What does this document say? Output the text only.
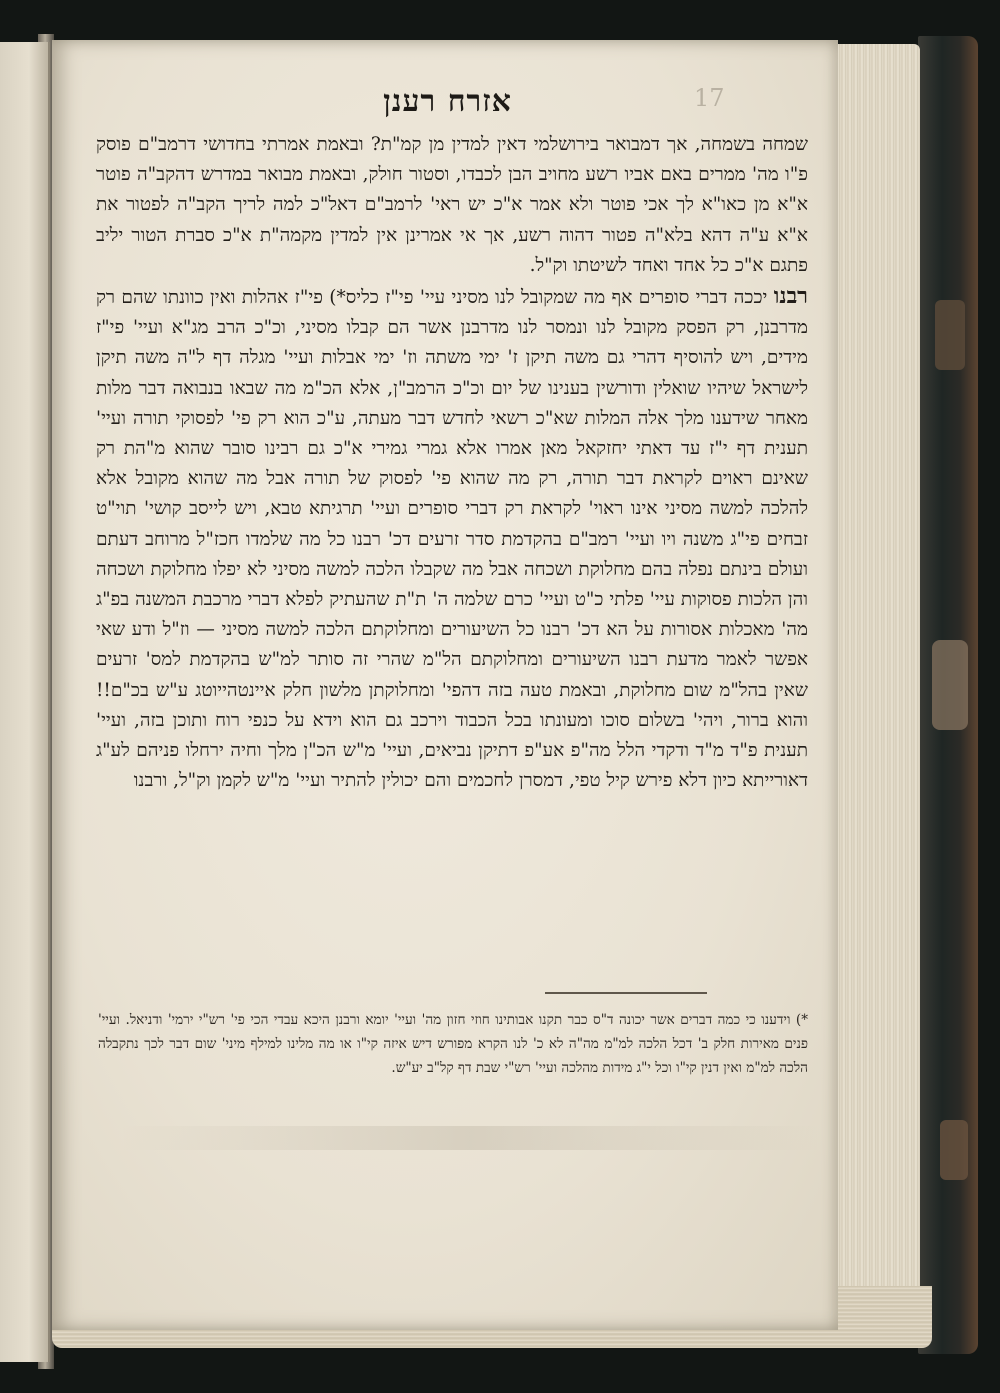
17
אזרח רענן

שמחה בשמחה, אך דמבואר בירושלמי דאין למדין מן קמ"ת? ובאמת אמרתי בחדושי דרמב"ם פוסק פ"ו מה' ממרים באם אביו רשע מחויב הבן לכבדו, וסטור חולק, ובאמת מבואר במדרש דהקב"ה פוטר א"א מן כאו"א לך אכי פוטר ולא אמר א"כ יש ראי' לרמב"ם דאל"כ למה לריך הקב"ה לפטור את א"א ע"ה דהא בלא"ה פטור דהוה רשע, אך אי אמרינן אין למדין מקמה"ת א"כ סברת הטור יליב פתגם א"כ כל אחד ואחד לשיטתו וק"ל.

רבנו יככה דברי סופרים אף מה שמקובל לנו מסיני עיי' פי"ז כליס*) פי"ז אהלות ואין כוונתו שהם רק מדרבנן, רק הפסק מקובל לנו ונמסר לנו מדרבנן אשר הם קבלו מסיני, וכ"כ הרב מג"א ועיי' פי"ז מידים, ויש להוסיף דהרי גם משה תיקן ז' ימי משתה וז' ימי אבלות ועיי' מגלה דף ל"ה משה תיקן לישראל שיהיו שואלין ודורשין בענינו של יום וכ"כ הרמב"ן, אלא הכ"מ מה שבאו בנבואה דבר מלות מאחר שידענו מלך אלה המלות שא"כ רשאי לחדש דבר מעתה, ע"כ הוא רק פי' לפסוקי תורה ועיי' תענית דף י"ז עד דאתי יחזקאל מאן אמרו אלא גמרי גמירי א"כ גם רבינו סובר שהוא מ"הת רק שאינם ראוים לקראת דבר תורה, רק מה שהוא פי' לפסוק של תורה אבל מה שהוא מקובל אלא להלכה למשה מסיני אינו ראוי' לקראת רק דברי סופרים ועיי' תרגיתא טבא, ויש לייסב קושי' תוי"ט זבחים פי"ג משנה ויו ועיי' רמב"ם בהקדמת סדר זרעים דכ' רבנו כל מה שלמדו חכז"ל מרוחב דעתם ועולם בינתם נפלה בהם מחלוקת ושכחה אבל מה שקבלו הלכה למשה מסיני לא יפלו מחלוקת ושכחה והן הלכות פסוקות עיי' פלתי כ"ט ועיי' כרם שלמה ה' ת"ת שהעתיק לפלא דברי מרכבת המשנה בפ"ג מה' מאכלות אסורות על הא דכ' רבנו כל השיעורים ומחלוקתם הלכה למשה מסיני — וז"ל ודע שאי אפשר לאמר מדעת רבנו השיעורים ומחלוקתם הל"מ שהרי זה סותר למ"ש בהקדמת למס' זרעים שאין בהל"מ שום מחלוקת, ובאמת טעה בזה דהפי' ומחלוקתן מלשון חלק איינטהייוטג ע"ש בכ"ם!! והוא ברור, ויהי' בשלום סוכו ומעונתו בכל הכבוד וירכב גם הוא וידא על כנפי רוח ותוכן בזה, ועיי' תענית פ"ד מ"ד ודקדי הלל מה"פ אע"פ דתיקן נביאים, ועיי' מ"ש הכ"ן מלך וחיה ירחלו פניהם לע"ג דאורייתא כיון דלא פירש קיל טפי, דמסרן לחכמים והם יכולין להתיר ועיי' מ"ש לקמן וק"ל, ורבנו

*) וידענו כי כמה דברים אשר יכונה ד"ס כבר תקנו אבותינו חוזי חזון מה' ועיי' יומא ורבנן היכא עבדי הכי פי' רש"י ירמי' ודניאל. ועיי' פנים מאירות חלק ב' דכל הלכה למ"מ מה"ה לא כ' לנו הקרא מפורש דיש איזה קי"ו או מה מלינו למילף מיני' שום דבר לכך נתקבלה הלכה למ"מ ואין דנין קי"ו וכל י"ג מידות מהלכה ועיי' רש"י שבת דף קל"ב יע"ש.
